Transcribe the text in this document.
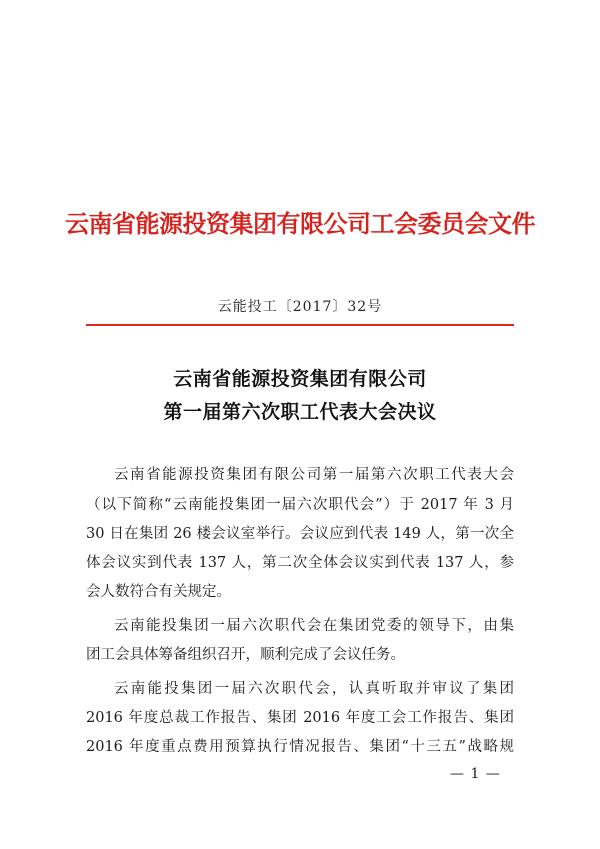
云南省能源投资集团有限公司工会委员会文件
云能投工〔2017〕32号
云南省能源投资集团有限公司
第一届第六次职工代表大会决议
云南省能源投资集团有限公司第一届第六次职工代表大会
（以下简称“云南能投集团一届六次职代会”）于 2017 年 3 月
30 日在集团 26 楼会议室举行。会议应到代表 149 人，第一次全
体会议实到代表 137 人，第二次全体会议实到代表 137 人，参
会人数符合有关规定。
云南能投集团一届六次职代会在集团党委的领导下，由集
团工会具体筹备组织召开，顺利完成了会议任务。
云南能投集团一届六次职代会，认真听取并审议了集团
2016 年度总裁工作报告、集团 2016 年度工会工作报告、集团
2016 年度重点费用预算执行情况报告、集团“十三五”战略规
— 1 —
